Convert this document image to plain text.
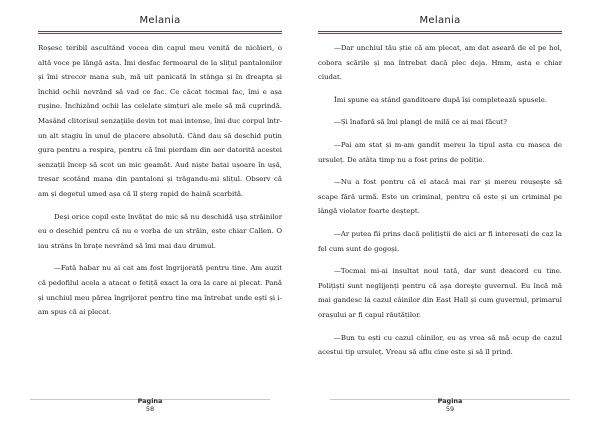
Melania

Roșesc teribil ascultând vocea din capul meu venită de nicăieri, o altă voce pe lângă asta. Îmi desfac fermoarul de la slițul pantalonilor și îmi strecor mana sub, mă uit panicată în stânga și în dreapta și închid ochii nevrând să vad ce fac. Ce căcat tocmai fac, îmi e așa rușine. Închizând ochii las celelate simțuri ale mele să mă cuprindă. Masând clitorisul senzațiile devin tot mai intense, îmi duc corpul într-un alt stagiu în unul de placere absolută. Când dau să deschid puțin gura pentru a respira, pentru că îmi pierdam din aer datorită acestei senzații încep să scot un mic geamăt. Aud niște batai ușoare în ușă, tresar scotând mana din pantaloni și trăgandu-mi slițul. Observ că am și degetul umed așa că îl șterg rapid de haină scarbită.

Deși orice copil este învățat de mic să nu deschidă ușa străinilor eu o deschid pentru că nu e vorba de un străin, este chiar Callen. O iau strâns în brațe nevrând să îmi mai dau drumul.

—Fată habar nu ai cat am fost îngrijorată pentru tine. Am auzit că pedofilul acela a atacat o fetiță exact la ora la care ai plecat. Pană și unchiul meu părea îngrijorat pentru tine ma întrebat unde ești și i-am spus că ai plecat.

Pagina
58
Melania

—Dar unchiul tău știe că am plecat, am dat aseară de el pe hol, cobora scările și ma întrebat dacă plec deja. Hmm, asta e chiar ciudat.

Îmi spune ea stând ganditoare după își completează spusele.

—Și înafară să îmi plangi de milă ce ai mai făcut?

—Pai am stat și m-am gandit mereu la tipul asta cu masca de ursuleț. De atâta timp nu a fost prins de poliție.

—Nu a fost pentru că el atacă mai rar și mereu reușește să scape fără urmă. Este un criminal, pentru că este și un criminal pe lângă violator foarte deștept.

—Ar putea fii prins dacă polițiștii de aici ar fi interesați de caz la fel cum sunt de gogoși.

—Tocmai mi-ai insultat noul tată, dar sunt deacord cu tine. Polițiști sunt neglijenți pentru că așa doreşte guvernul. Eu încă mă mai gandesc la cazul câinilor din East Hall și cum guvernul, primarul orașului ar fi capul răutăților.

—Bun tu ești cu cazul câinilor, eu aș vrea să mă ocup de cazul acestui tip ursuleț. Vreau să aflu cine este și să îl prind.

Pagina
59
